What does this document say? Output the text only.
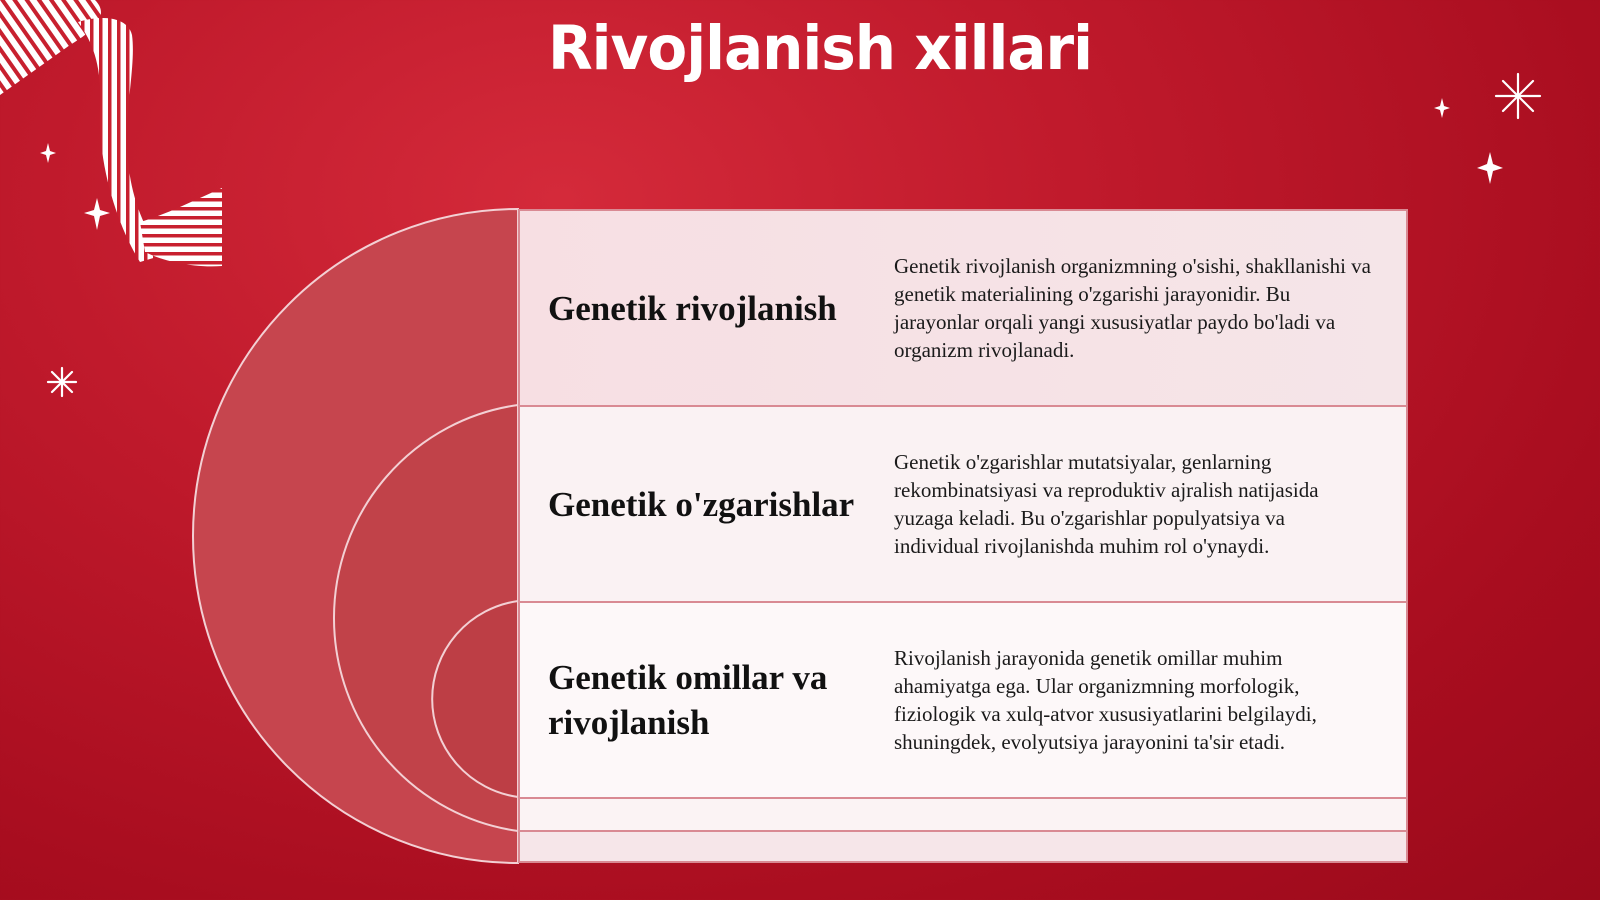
Rivojlanish xillari
Genetik rivojlanish
Genetik rivojlanish organizmning o'sishi, shakllanishi va genetik materialining o'zgarishi jarayonidir. Bu jarayonlar orqali yangi xususiyatlar paydo bo'ladi va organizm rivojlanadi.
Genetik o'zgarishlar
Genetik o'zgarishlar mutatsiyalar, genlarning rekombinatsiyasi va reproduktiv ajralish natijasida yuzaga keladi. Bu o'zgarishlar populyatsiya va individual rivojlanishda muhim rol o'ynaydi.
Genetik omillar va rivojlanish
Rivojlanish jarayonida genetik omillar muhim ahamiyatga ega. Ular organizmning morfologik, fiziologik va xulq-atvor xususiyatlarini belgilaydi, shuningdek, evolyutsiya jarayonini ta'sir etadi.
